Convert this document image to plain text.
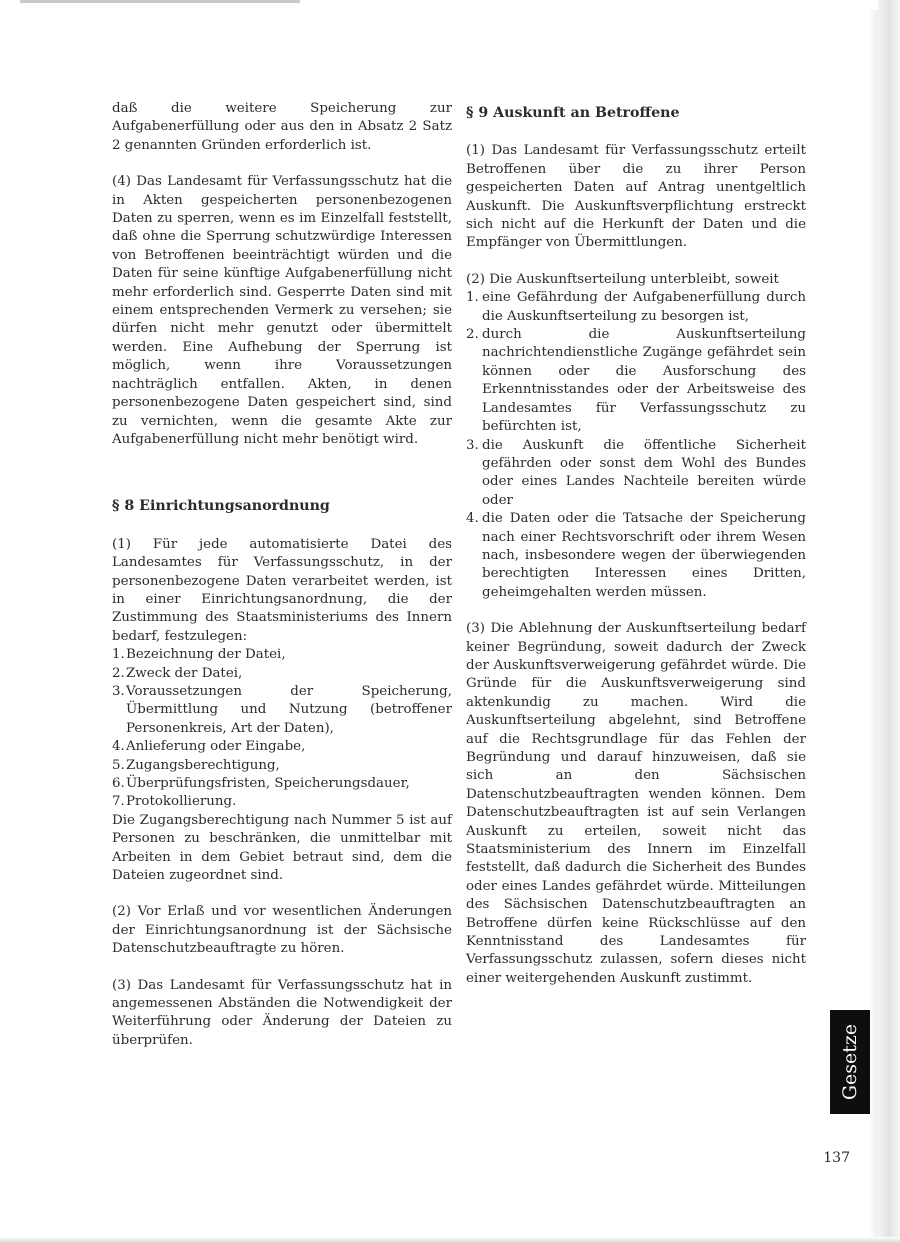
daß die weitere Speicherung zur Aufgabenerfüllung oder aus den in Absatz 2 Satz 2 genannten Gründen erforderlich ist.

(4) Das Landesamt für Verfassungsschutz hat die in Akten gespeicherten personenbezogenen Daten zu sperren, wenn es im Einzelfall feststellt, daß ohne die Sperrung schutzwürdige Interessen von Betroffenen beeinträchtigt würden und die Daten für seine künftige Aufgabenerfüllung nicht mehr erforderlich sind. Gesperrte Daten sind mit einem entsprechenden Vermerk zu versehen; sie dürfen nicht mehr genutzt oder übermittelt werden. Eine Aufhebung der Sperrung ist möglich, wenn ihre Voraussetzungen nachträglich entfallen. Akten, in denen personenbezogene Daten gespeichert sind, sind zu vernichten, wenn die gesamte Akte zur Aufgabenerfüllung nicht mehr benötigt wird.

§ 8 Einrichtungsanordnung
(1) Für jede automatisierte Datei des Landesamtes für Verfassungsschutz, in der personenbezogene Daten verarbeitet werden, ist in einer Einrichtungsanordnung, die der Zustimmung des Staatsministeriums des Innern bedarf, festzulegen:
1. Bezeichnung der Datei,
2. Zweck der Datei,
3. Voraussetzungen der Speicherung, Übermittlung und Nutzung (betroffener Personenkreis, Art der Daten),
4. Anlieferung oder Eingabe,
5. Zugangsberechtigung,
6. Überprüfungsfristen, Speicherungsdauer,
7. Protokollierung.
Die Zugangsberechtigung nach Nummer 5 ist auf Personen zu beschränken, die unmittelbar mit Arbeiten in dem Gebiet betraut sind, dem die Dateien zugeordnet sind.

(2) Vor Erlaß und vor wesentlichen Änderungen der Einrichtungsanordnung ist der Sächsische Datenschutzbeauftragte zu hören.

(3) Das Landesamt für Verfassungsschutz hat in angemessenen Abständen die Notwendigkeit der Weiterführung oder Änderung der Dateien zu überprüfen.

§ 9 Auskunft an Betroffene

(1) Das Landesamt für Verfassungsschutz erteilt Betroffenen über die zu ihrer Person gespeicherten Daten auf Antrag unentgeltlich Auskunft. Die Auskunftsverpflichtung erstreckt sich nicht auf die Herkunft der Daten und die Empfänger von Übermittlungen.

(2) Die Auskunftserteilung unterbleibt, soweit
1. eine Gefährdung der Aufgabenerfüllung durch die Auskunftserteilung zu besorgen ist,
2. durch die Auskunftserteilung nachrichtendienstliche Zugänge gefährdet sein können oder die Ausforschung des Erkenntnisstandes oder der Arbeitsweise des Landesamtes für Verfassungsschutz zu befürchten ist,
3. die Auskunft die öffentliche Sicherheit gefährden oder sonst dem Wohl des Bundes oder eines Landes Nachteile bereiten würde oder
4. die Daten oder die Tatsache der Speicherung nach einer Rechtsvorschrift oder ihrem Wesen nach, insbesondere wegen der überwiegenden berechtigten Interessen eines Dritten, geheimgehalten werden müssen.

(3) Die Ablehnung der Auskunftserteilung bedarf keiner Begründung, soweit dadurch der Zweck der Auskunftsverweigerung gefährdet würde. Die Gründe für die Auskunftsverweigerung sind aktenkundig zu machen. Wird die Auskunftserteilung abgelehnt, sind Betroffene auf die Rechtsgrundlage für das Fehlen der Begründung und darauf hinzuweisen, daß sie sich an den Sächsischen Datenschutzbeauftragten wenden können. Dem Datenschutzbeauftragten ist auf sein Verlangen Auskunft zu erteilen, soweit nicht das Staatsministerium des Innern im Einzelfall feststellt, daß dadurch die Sicherheit des Bundes oder eines Landes gefährdet würde. Mitteilungen des Sächsischen Datenschutzbeauftragten an Betroffene dürfen keine Rückschlüsse auf den Kenntnisstand des Landesamtes für Verfassungsschutz zulassen, sofern dieses nicht einer weitergehenden Auskunft zustimmt.

Gesetze
137
